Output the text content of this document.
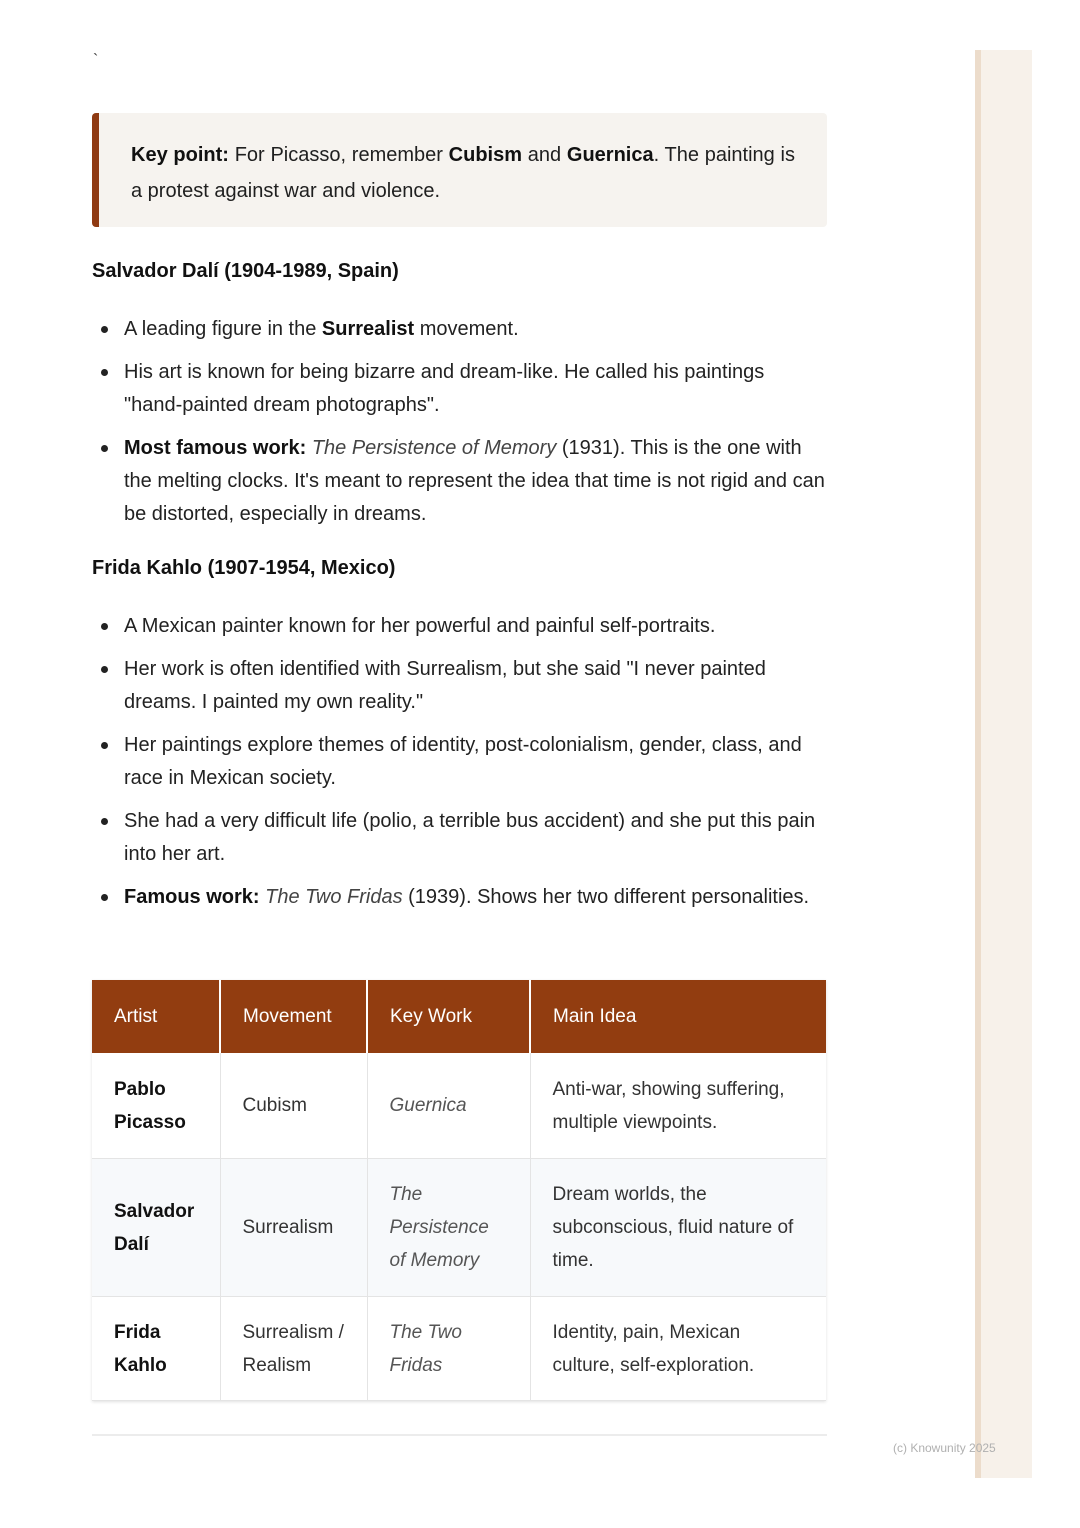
`
Key point: For Picasso, remember Cubism and Guernica. The painting is a protest against war and violence.
Salvador Dalí (1904-1989, Spain)
A leading figure in the Surrealist movement.
His art is known for being bizarre and dream-like. He called his paintings "hand-painted dream photographs".
Most famous work: The Persistence of Memory (1931). This is the one with the melting clocks. It's meant to represent the idea that time is not rigid and can be distorted, especially in dreams.
Frida Kahlo (1907-1954, Mexico)
A Mexican painter known for her powerful and painful self-portraits.
Her work is often identified with Surrealism, but she said "I never painted dreams. I painted my own reality."
Her paintings explore themes of identity, post-colonialism, gender, class, and race in Mexican society.
She had a very difficult life (polio, a terrible bus accident) and she put this pain into her art.
Famous work: The Two Fridas (1939). Shows her two different personalities.
Artist	Movement	Key Work	Main Idea
Pablo Picasso	Cubism	Guernica	Anti-war, showing suffering, multiple viewpoints.
Salvador Dalí	Surrealism	The Persistence of Memory	Dream worlds, the subconscious, fluid nature of time.
Frida Kahlo	Surrealism / Realism	The Two Fridas	Identity, pain, Mexican culture, self-exploration.
(c) Knowunity 2025
